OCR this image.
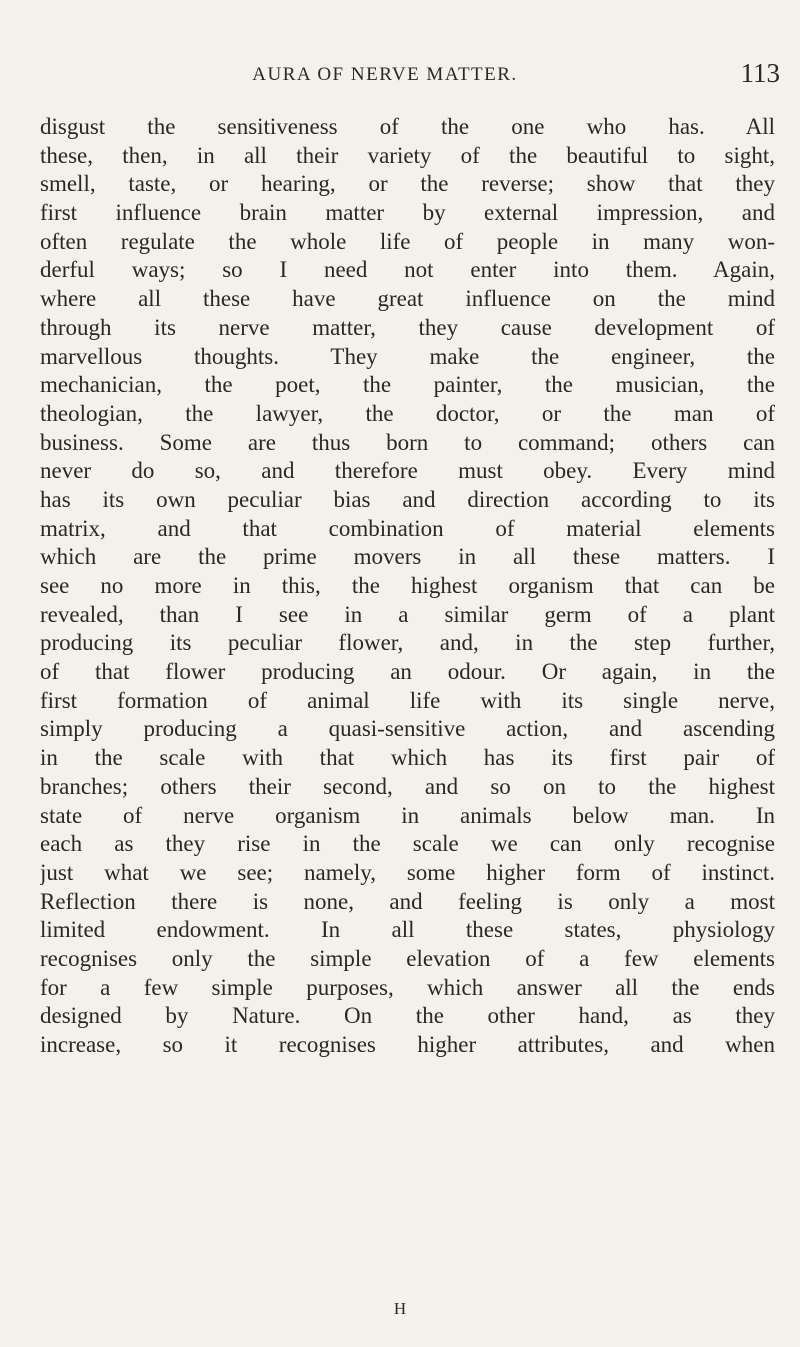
AURA OF NERVE MATTER.	113
disgust the sensitiveness of the one who has. All
these, then, in all their variety of the beautiful to sight,
smell, taste, or hearing, or the reverse; show that they
first influence brain matter by external impression, and
often regulate the whole life of people in many won-
derful ways; so I need not enter into them. Again,
where all these have great influence on the mind
through its nerve matter, they cause development of
marvellous thoughts. They make the engineer, the
mechanician, the poet, the painter, the musician, the
theologian, the lawyer, the doctor, or the man of
business. Some are thus born to command; others can
never do so, and therefore must obey. Every mind
has its own peculiar bias and direction according to its
matrix, and that combination of material elements
which are the prime movers in all these matters. I
see no more in this, the highest organism that can be
revealed, than I see in a similar germ of a plant
producing its peculiar flower, and, in the step further,
of that flower producing an odour. Or again, in the
first formation of animal life with its single nerve,
simply producing a quasi-sensitive action, and ascending
in the scale with that which has its first pair of
branches; others their second, and so on to the highest
state of nerve organism in animals below man. In
each as they rise in the scale we can only recognise
just what we see; namely, some higher form of instinct.
Reflection there is none, and feeling is only a most
limited endowment. In all these states, physiology
recognises only the simple elevation of a few elements
for a few simple purposes, which answer all the ends
designed by Nature. On the other hand, as they
increase, so it recognises higher attributes, and when
H
